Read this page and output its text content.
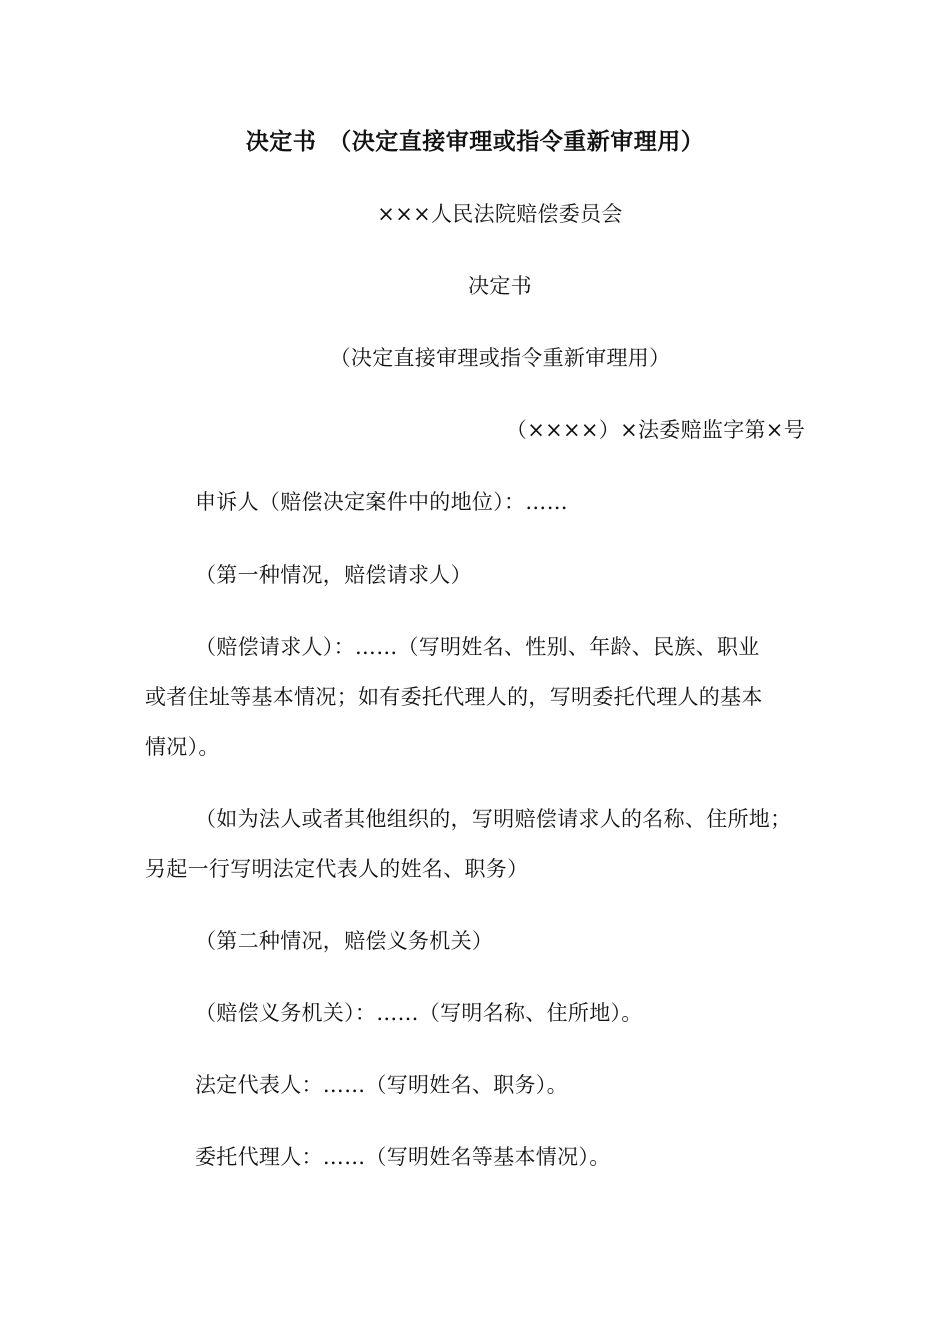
决定书　（决定直接审理或指令重新审理用）
×××人民法院赔偿委员会
决定书
（决定直接审理或指令重新审理用）
（××××）×法委赔监字第×号
申诉人（赔偿决定案件中的地位）：……
（第一种情况，赔偿请求人）
（赔偿请求人）：……（写明姓名、性别、年龄、民族、职业
或者住址等基本情况；如有委托代理人的，写明委托代理人的基本
情况）。
（如为法人或者其他组织的，写明赔偿请求人的名称、住所地；
另起一行写明法定代表人的姓名、职务）
（第二种情况，赔偿义务机关）
（赔偿义务机关）：……（写明名称、住所地）。
法定代表人：……（写明姓名、职务）。
委托代理人：……（写明姓名等基本情况）。
